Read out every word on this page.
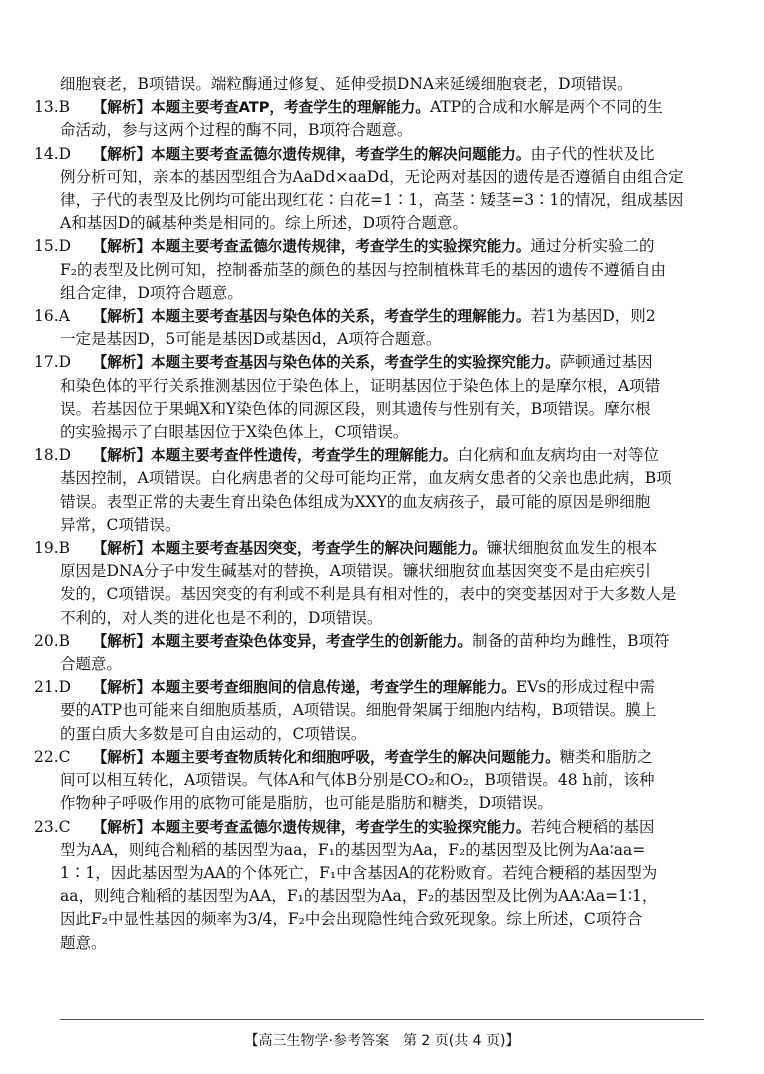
细胞衰老，B项错误。端粒酶通过修复、延伸受损DNA来延缓细胞衰老，D项错误。
13.B 【解析】本题主要考查ATP，考查学生的理解能力。ATP的合成和水解是两个不同的生
命活动，参与这两个过程的酶不同，B项符合题意。
14.D 【解析】本题主要考查孟德尔遗传规律，考查学生的解决问题能力。由子代的性状及比
例分析可知，亲本的基因型组合为AaDd×aaDd，无论两对基因的遗传是否遵循自由组合定
律，子代的表型及比例均可能出现红花∶白花=1∶1，高茎∶矮茎=3∶1的情况，组成基因
A和基因D的碱基种类是相同的。综上所述，D项符合题意。
15.D 【解析】本题主要考查孟德尔遗传规律，考查学生的实验探究能力。通过分析实验二的
F₂的表型及比例可知，控制番茄茎的颜色的基因与控制植株茸毛的基因的遗传不遵循自由
组合定律，D项符合题意。
16.A 【解析】本题主要考查基因与染色体的关系，考查学生的理解能力。若1为基因D，则2
一定是基因D，5可能是基因D或基因d，A项符合题意。
17.D 【解析】本题主要考查基因与染色体的关系，考查学生的实验探究能力。萨顿通过基因
和染色体的平行关系推测基因位于染色体上，证明基因位于染色体上的是摩尔根，A项错
误。若基因位于果蝇X和Y染色体的同源区段，则其遗传与性别有关，B项错误。摩尔根
的实验揭示了白眼基因位于X染色体上，C项错误。
18.D 【解析】本题主要考查伴性遗传，考查学生的理解能力。白化病和血友病均由一对等位
基因控制，A项错误。白化病患者的父母可能均正常，血友病女患者的父亲也患此病，B项
错误。表型正常的夫妻生育出染色体组成为XXY的血友病孩子，最可能的原因是卵细胞
异常，C项错误。
19.B 【解析】本题主要考查基因突变，考查学生的解决问题能力。镰状细胞贫血发生的根本
原因是DNA分子中发生碱基对的替换，A项错误。镰状细胞贫血基因突变不是由疟疾引
发的，C项错误。基因突变的有利或不利是具有相对性的，表中的突变基因对于大多数人是
不利的，对人类的进化也是不利的，D项错误。
20.B 【解析】本题主要考查染色体变异，考查学生的创新能力。制备的苗种均为雌性，B项符
合题意。
21.D 【解析】本题主要考查细胞间的信息传递，考查学生的理解能力。EVs的形成过程中需
要的ATP也可能来自细胞质基质，A项错误。细胞骨架属于细胞内结构，B项错误。膜上
的蛋白质大多数是可自由运动的，C项错误。
22.C 【解析】本题主要考查物质转化和细胞呼吸，考查学生的解决问题能力。糖类和脂肪之
间可以相互转化，A项错误。气体A和气体B分别是CO₂和O₂，B项错误。48 h前，该种
作物种子呼吸作用的底物可能是脂肪，也可能是脂肪和糖类，D项错误。
23.C 【解析】本题主要考查孟德尔遗传规律，考查学生的实验探究能力。若纯合粳稻的基因
型为AA，则纯合籼稻的基因型为aa，F₁的基因型为Aa，F₂的基因型及比例为Aa∶aa=
1∶1，因此基因型为AA的个体死亡，F₁中含基因A的花粉败育。若纯合粳稻的基因型为
aa，则纯合籼稻的基因型为AA，F₁的基因型为Aa，F₂的基因型及比例为AA∶Aa=1∶1，
因此F₂中显性基因的频率为3/4，F₂中会出现隐性纯合致死现象。综上所述，C项符合
题意。
【高三生物学·参考答案　第 2 页(共 4 页)】
